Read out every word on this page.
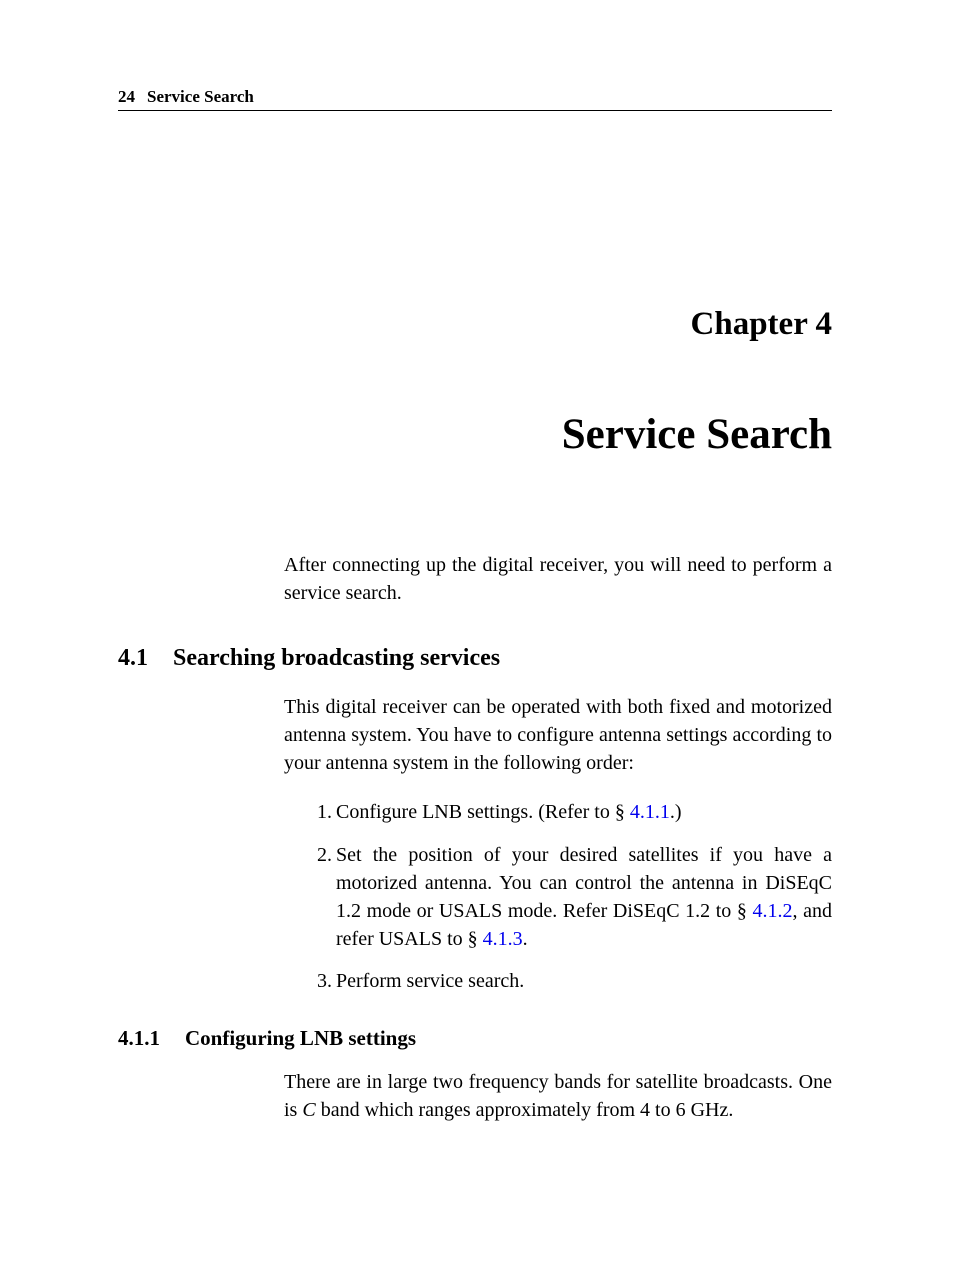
24 Service Search
Chapter 4
Service Search

After connecting up the digital receiver, you will need to perform a service search.

4.1 Searching broadcasting services

This digital receiver can be operated with both fixed and motorized antenna system. You have to configure antenna settings according to your antenna system in the following order:

1. Configure LNB settings. (Refer to § 4.1.1.)
2. Set the position of your desired satellites if you have a motorized antenna. You can control the antenna in DiSEqC 1.2 mode or USALS mode. Refer DiSEqC 1.2 to § 4.1.2, and refer USALS to § 4.1.3.
3. Perform service search.
4.1.1 Configuring LNB settings

There are in large two frequency bands for satellite broadcasts. One is C band which ranges approximately from 4 to 6 GHz.
